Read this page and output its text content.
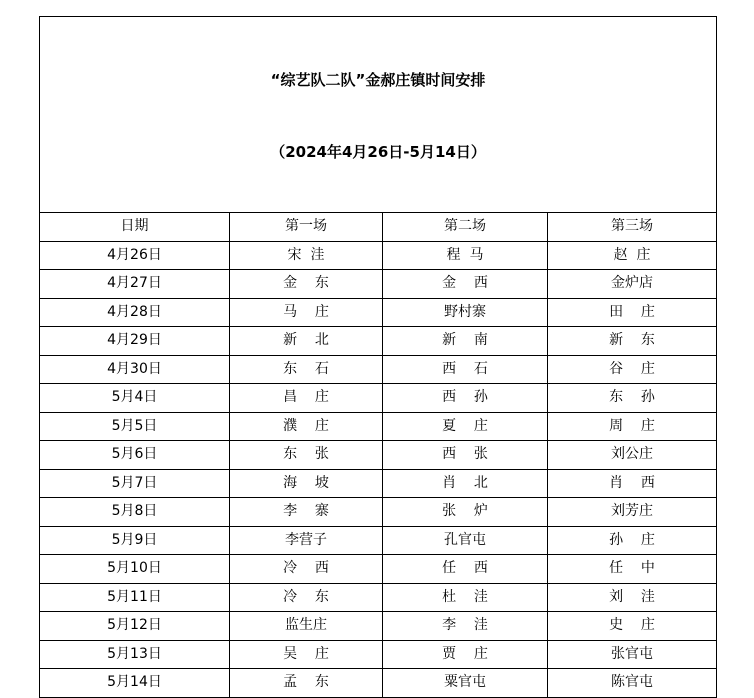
“综艺队二队”金郝庄镇时间安排

（2024年4月26日-5月14日）			

日期	第一场	第二场	第三场
4月26日	宋  洼	程  马	赵  庄
4月27日	金    东	金    西	金炉店
4月28日	马    庄	野村寨	田    庄
4月29日	新    北	新    南	新    东
4月30日	东    石	西    石	谷    庄
5月4日	昌    庄	西    孙	东    孙
5月5日	濮    庄	夏    庄	周    庄
5月6日	东    张	西    张	刘公庄
5月7日	海    坡	肖    北	肖    西
5月8日	李    寨	张    炉	刘芳庄
5月9日	李营子	孔官屯	孙    庄
5月10日	冷    西	任    西	任    中
5月11日	冷    东	杜    洼	刘    洼
5月12日	监生庄	李    洼	史    庄
5月13日	吴    庄	贾    庄	张官屯
5月14日	孟    东	粟官屯	陈官屯
